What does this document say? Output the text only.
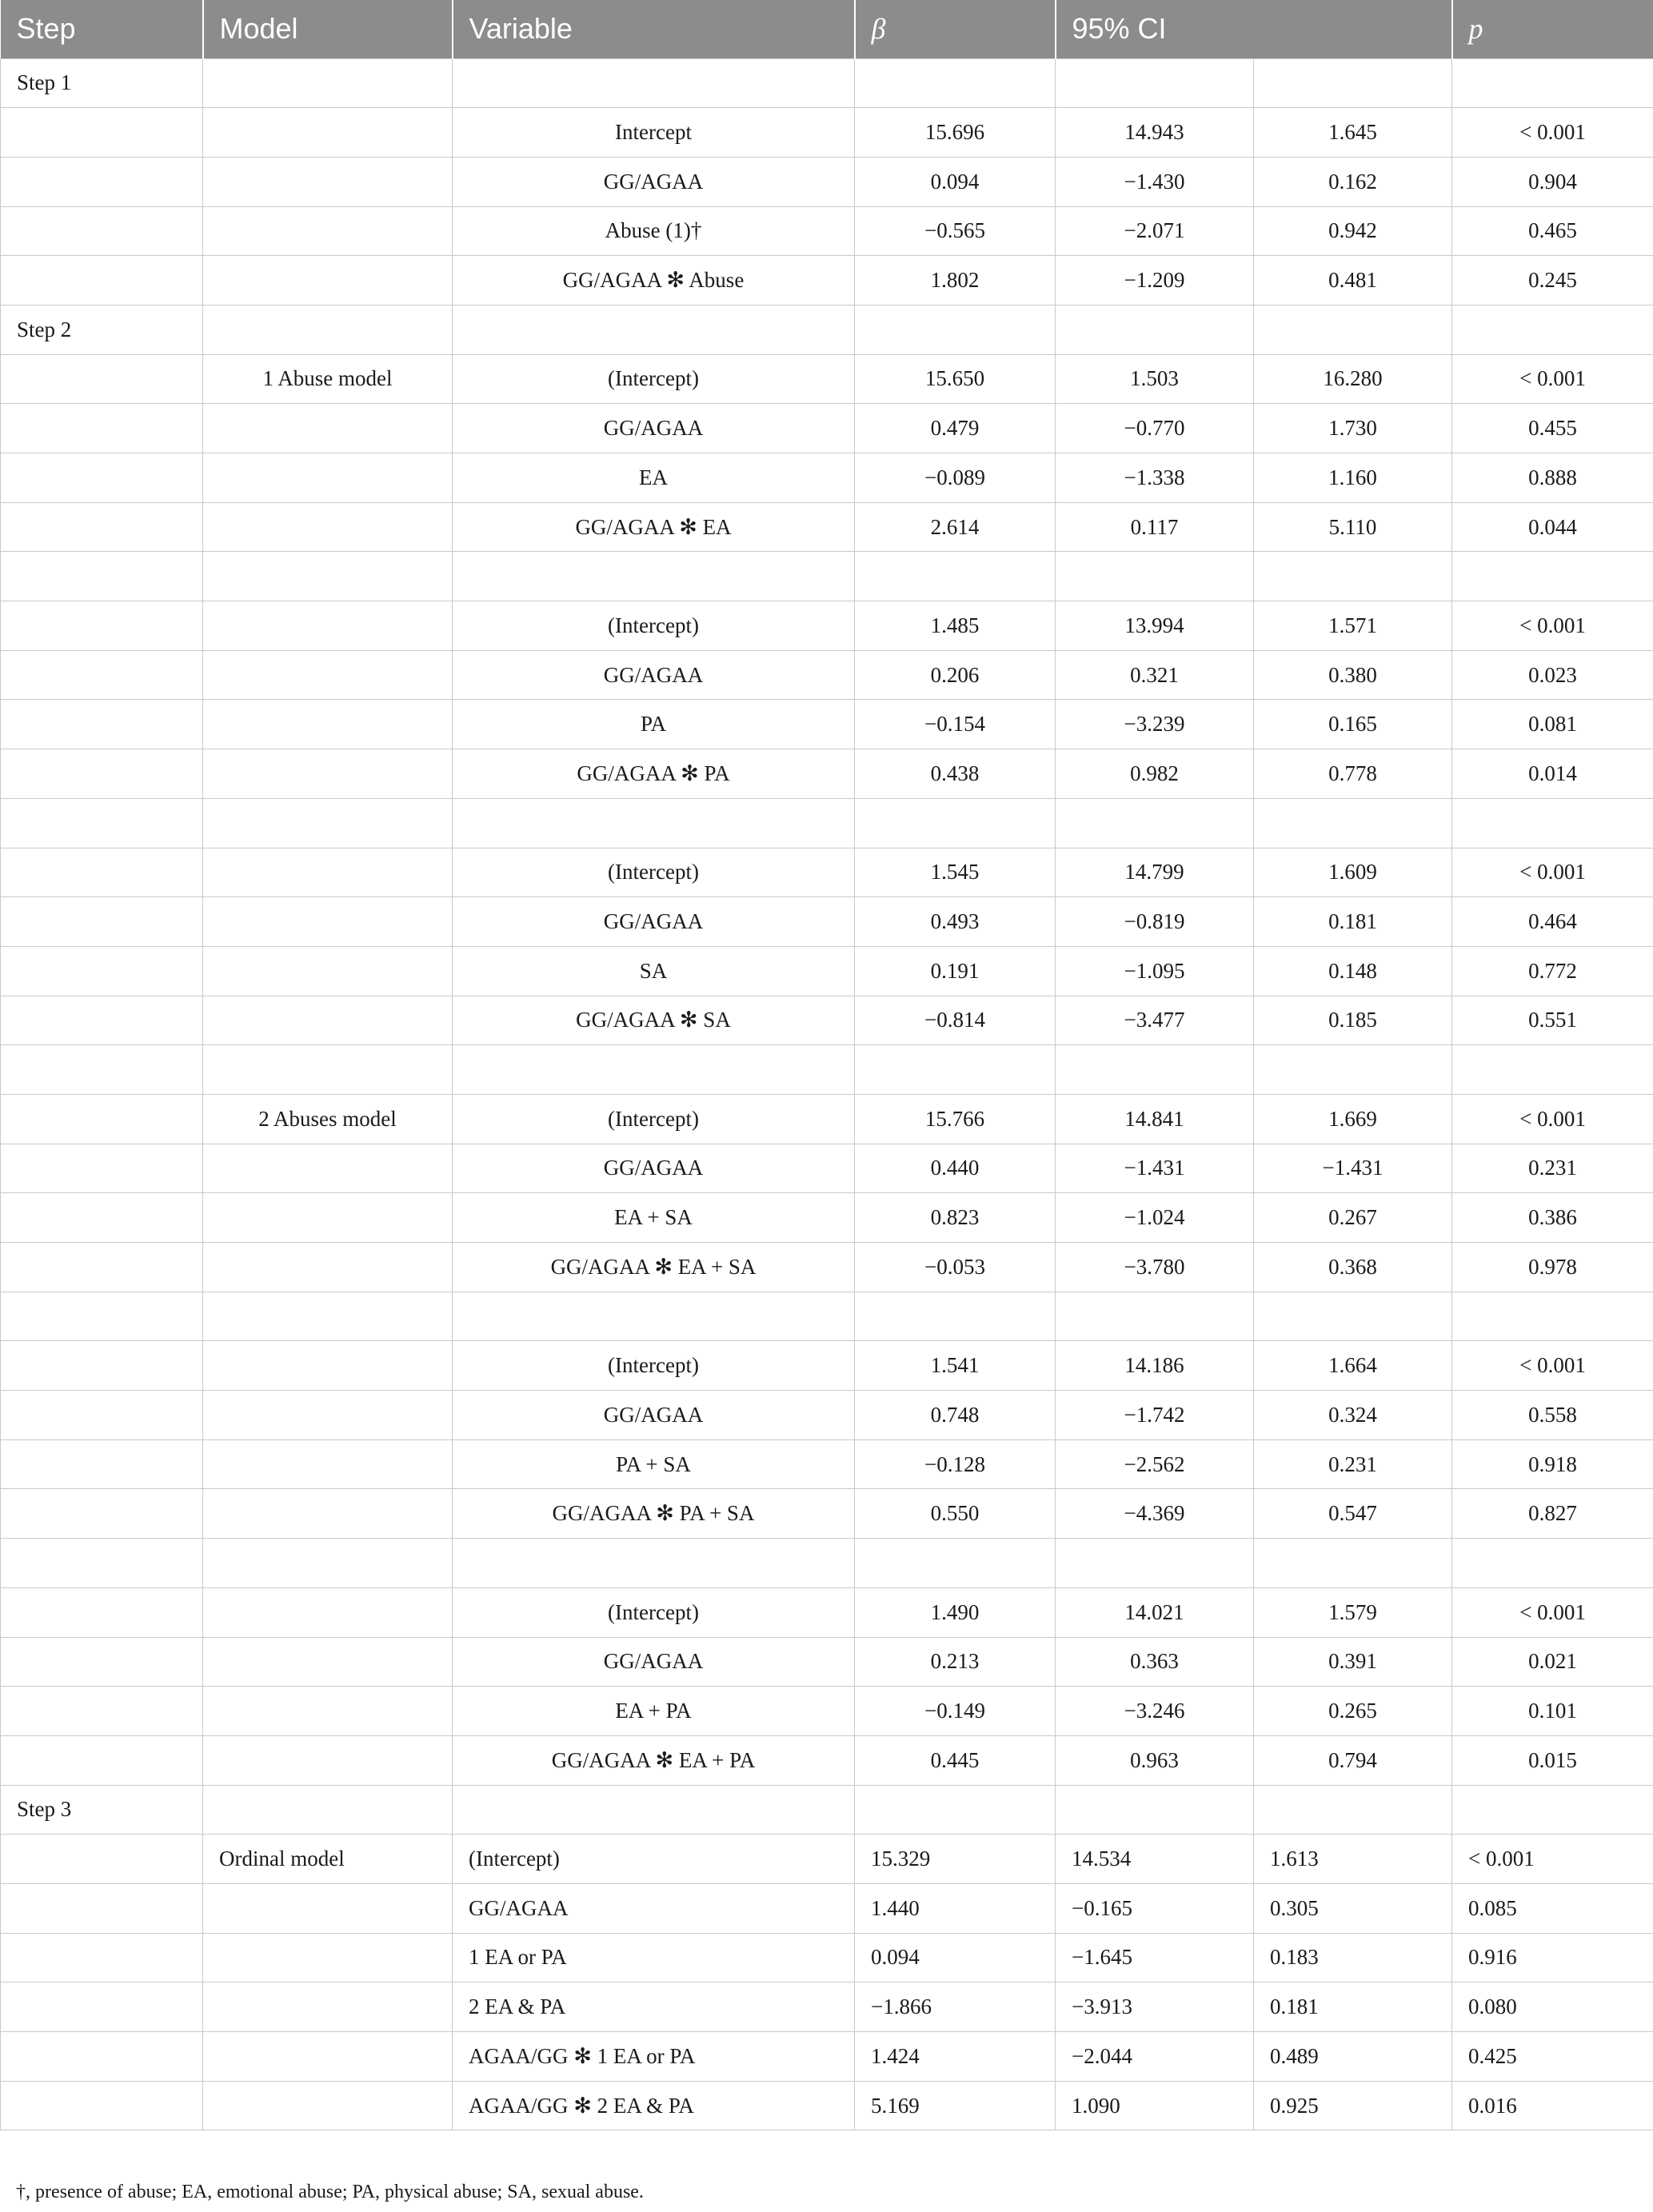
Step	Model	Variable	β	95% CI		p
Step 1						
		Intercept	15.696	14.943	1.645	< 0.001
		GG/AGAA	0.094	−1.430	0.162	0.904
		Abuse (1)†	−0.565	−2.071	0.942	0.465
		GG/AGAA ✻ Abuse	1.802	−1.209	0.481	0.245
Step 2						
	1 Abuse model	(Intercept)	15.650	1.503	16.280	< 0.001
		GG/AGAA	0.479	−0.770	1.730	0.455
		EA	−0.089	−1.338	1.160	0.888
		GG/AGAA ✻ EA	2.614	0.117	5.110	0.044

		(Intercept)	1.485	13.994	1.571	< 0.001
		GG/AGAA	0.206	0.321	0.380	0.023
		PA	−0.154	−3.239	0.165	0.081
		GG/AGAA ✻ PA	0.438	0.982	0.778	0.014

		(Intercept)	1.545	14.799	1.609	< 0.001
		GG/AGAA	0.493	−0.819	0.181	0.464
		SA	0.191	−1.095	0.148	0.772
		GG/AGAA ✻ SA	−0.814	−3.477	0.185	0.551

	2 Abuses model	(Intercept)	15.766	14.841	1.669	< 0.001
		GG/AGAA	0.440	−1.431	−1.431	0.231
		EA + SA	0.823	−1.024	0.267	0.386
		GG/AGAA ✻ EA + SA	−0.053	−3.780	0.368	0.978

		(Intercept)	1.541	14.186	1.664	< 0.001
		GG/AGAA	0.748	−1.742	0.324	0.558
		PA + SA	−0.128	−2.562	0.231	0.918
		GG/AGAA ✻ PA + SA	0.550	−4.369	0.547	0.827

		(Intercept)	1.490	14.021	1.579	< 0.001
		GG/AGAA	0.213	0.363	0.391	0.021
		EA + PA	−0.149	−3.246	0.265	0.101
		GG/AGAA ✻ EA + PA	0.445	0.963	0.794	0.015
Step 3						
	Ordinal model	(Intercept)	15.329	14.534	1.613	< 0.001
		GG/AGAA	1.440	−0.165	0.305	0.085
		1 EA or PA	0.094	−1.645	0.183	0.916
		2 EA & PA	−1.866	−3.913	0.181	0.080
		AGAA/GG ✻ 1 EA or PA	1.424	−2.044	0.489	0.425
		AGAA/GG ✻ 2 EA & PA	5.169	1.090	0.925	0.016
†, presence of abuse; EA, emotional abuse; PA, physical abuse; SA, sexual abuse.
